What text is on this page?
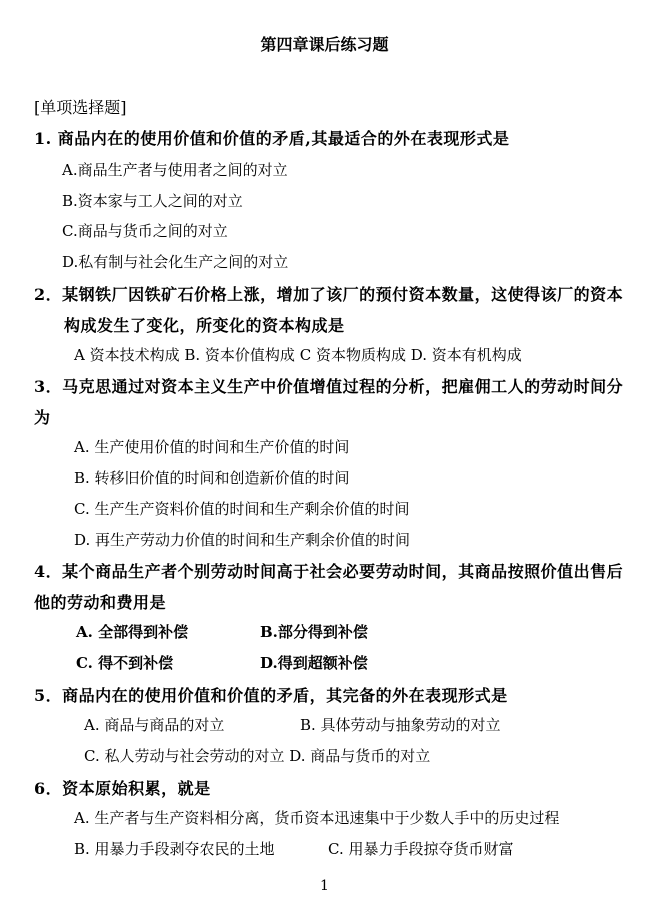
第四章课后练习题
[单项选择题]
1. 商品内在的使用价值和价值的矛盾,其最适合的外在表现形式是
A.商品生产者与使用者之间的对立
B.资本家与工人之间的对立
C.商品与货币之间的对立
D.私有制与社会化生产之间的对立
2．某钢铁厂因铁矿石价格上涨，增加了该厂的预付资本数量，这使得该厂的资本
构成发生了变化，所变化的资本构成是
A 资本技术构成 B. 资本价值构成 C 资本物质构成 D. 资本有机构成
3．马克思通过对资本主义生产中价值增值过程的分析，把雇佣工人的劳动时间分
为
A. 生产使用价值的时间和生产价值的时间
B. 转移旧价值的时间和创造新价值的时间
C. 生产生产资料价值的时间和生产剩余价值的时间
D. 再生产劳动力价值的时间和生产剩余价值的时间
4．某个商品生产者个别劳动时间高于社会必要劳动时间，其商品按照价值出售后
他的劳动和费用是
A. 全部得到补偿	B.部分得到补偿
C. 得不到补偿	D.得到超额补偿
5．商品内在的使用价值和价值的矛盾，其完备的外在表现形式是
A. 商品与商品的对立	B. 具体劳动与抽象劳动的对立
C. 私人劳动与社会劳动的对立 D. 商品与货币的对立
6．资本原始积累，就是
A. 生产者与生产资料相分离，货币资本迅速集中于少数人手中的历史过程
B. 用暴力手段剥夺农民的土地	C. 用暴力手段掠夺货币财富
1
